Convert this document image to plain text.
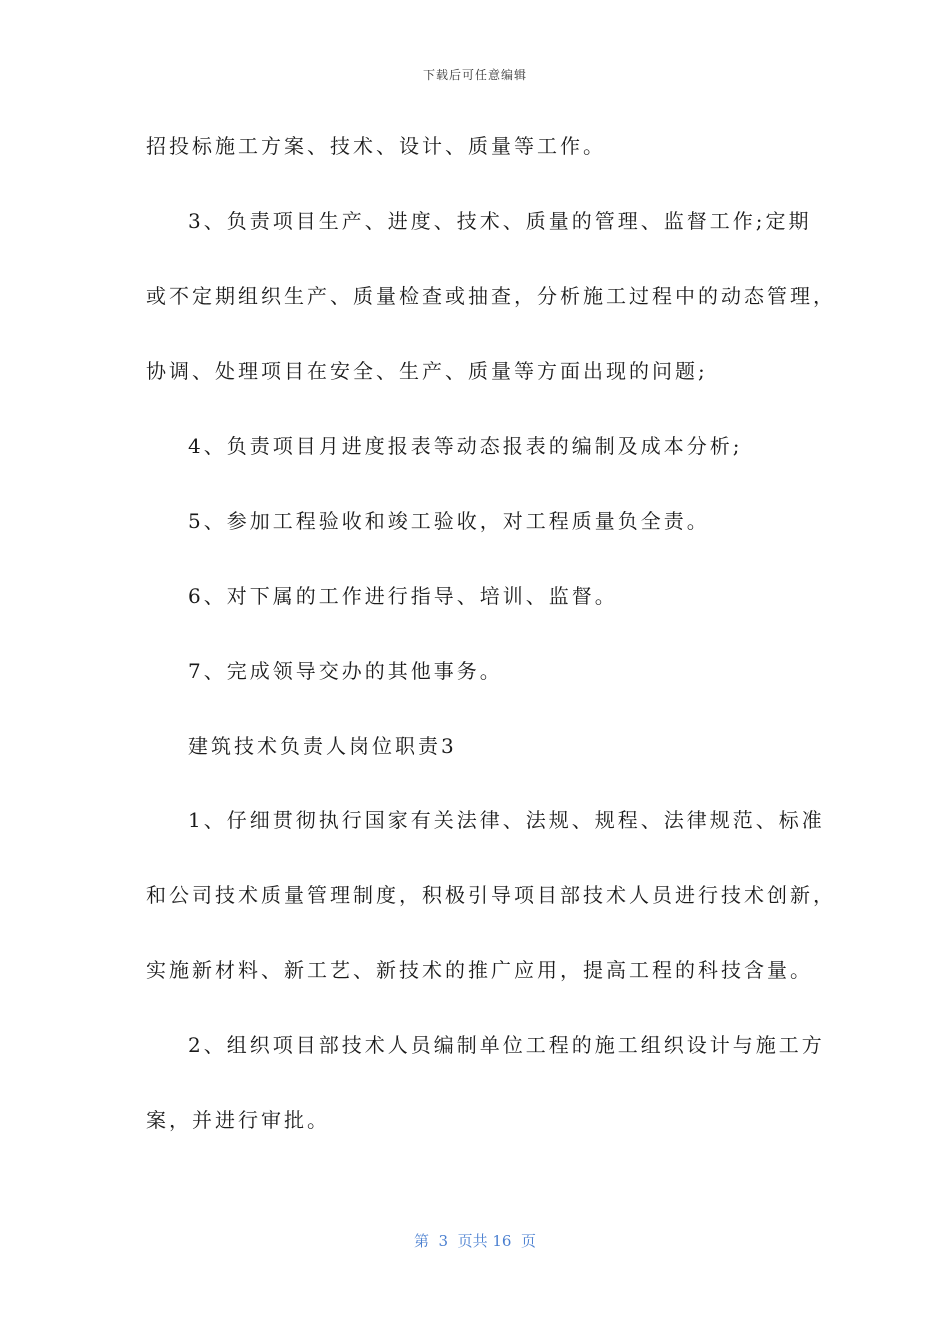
下载后可任意编辑
招投标施工方案、技术、设计、质量等工作。
3、负责项目生产、进度、技术、质量的管理、监督工作;定期
或不定期组织生产、质量检查或抽查，分析施工过程中的动态管理，
协调、处理项目在安全、生产、质量等方面出现的问题;
4、负责项目月进度报表等动态报表的编制及成本分析;
5、参加工程验收和竣工验收，对工程质量负全责。
6、对下属的工作进行指导、培训、监督。
7、完成领导交办的其他事务。
建筑技术负责人岗位职责3
1、仔细贯彻执行国家有关法律、法规、规程、法律规范、标准
和公司技术质量管理制度，积极引导项目部技术人员进行技术创新，
实施新材料、新工艺、新技术的推广应用，提高工程的科技含量。
2、组织项目部技术人员编制单位工程的施工组织设计与施工方
案，并进行审批。
第  3  页共 16  页
